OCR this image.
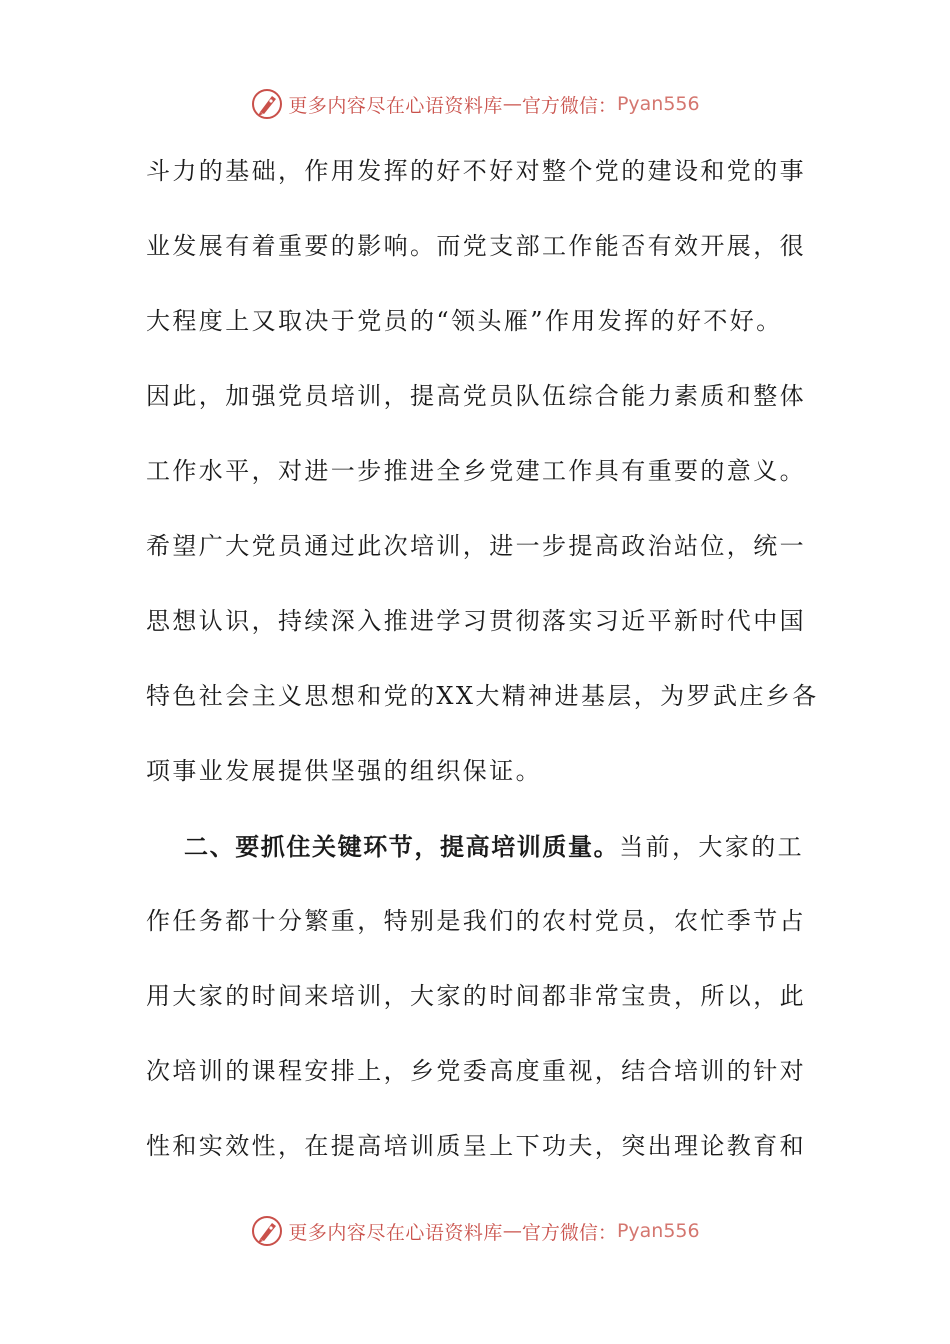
更多内容尽在心语资料库 — 官方微信： Pyan556
斗力的基础，作用发挥的好不好对整个党的建设和党的事
业发展有着重要的影响。而党支部工作能否有效开展，很
大程度上又取决于党员的“领头雁”作用发挥的好不好。
因此，加强党员培训，提高党员队伍综合能力素质和整体
工作水平，对进一步推进全乡党建工作具有重要的意义。
希望广大党员通过此次培训，进一步提高政治站位，统一
思想认识，持续深入推进学习贯彻落实习近平新时代中国
特色社会主义思想和党的XX大精神进基层，为罗武庄乡各
项事业发展提供坚强的组织保证。
二、要抓住关键环节，提高培训质量。当前，大家的工
作任务都十分繁重，特别是我们的农村党员，农忙季节占
用大家的时间来培训，大家的时间都非常宝贵，所以，此
次培训的课程安排上，乡党委高度重视，结合培训的针对
性和实效性，在提高培训质呈上下功夫，突出理论教育和
更多内容尽在心语资料库 — 官方微信： Pyan556
